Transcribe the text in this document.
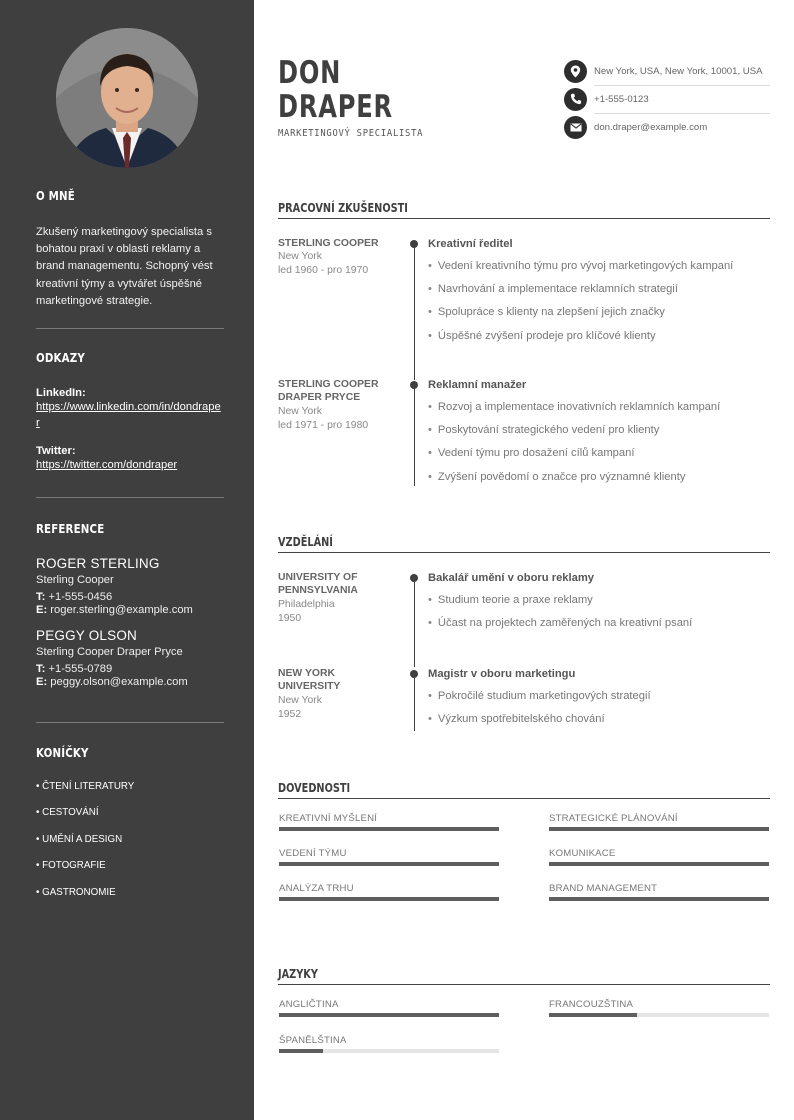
O MNĚ
Zkušený marketingový specialista s bohatou praxí v oblasti reklamy a brand managementu. Schopný vést kreativní týmy a vytvářet úspěšné marketingové strategie.
ODKAZY
LinkedIn:
https://www.linkedin.com/in/dondraper
Twitter:
https://twitter.com/dondraper
REFERENCE
ROGER STERLING
Sterling Cooper
T: +1-555-0456
E: roger.sterling@example.com
PEGGY OLSON
Sterling Cooper Draper Pryce
T: +1-555-0789
E: peggy.olson@example.com
KONÍČKY
• ČTENÍ LITERATURY
• CESTOVÁNÍ
• UMĚNÍ A DESIGN
• FOTOGRAFIE
• GASTRONOMIE
DON
DRAPER
MARKETINGOVÝ SPECIALISTA
New York, USA, New York, 10001, USA
+1-555-0123
don.draper@example.com
PRACOVNÍ ZKUŠENOSTI
STERLING COOPER
New York
led 1960 - pro 1970
Kreativní ředitel
• Vedení kreativního týmu pro vývoj marketingových kampaní
• Navrhování a implementace reklamních strategií
• Spolupráce s klienty na zlepšení jejich značky
• Úspěšné zvýšení prodeje pro klíčové klienty
STERLING COOPER
DRAPER PRYCE
New York
led 1971 - pro 1980
Reklamní manažer
• Rozvoj a implementace inovativních reklamních kampaní
• Poskytování strategického vedení pro klienty
• Vedení týmu pro dosažení cílů kampaní
• Zvýšení povědomí o značce pro významné klienty
VZDĚLÁNÍ
UNIVERSITY OF
PENNSYLVANIA
Philadelphia
1950
Bakalář umění v oboru reklamy
• Studium teorie a praxe reklamy
• Účast na projektech zaměřených na kreativní psaní
NEW YORK
UNIVERSITY
New York
1952
Magistr v oboru marketingu
• Pokročilé studium marketingových strategií
• Výzkum spotřebitelského chování
DOVEDNOSTI
KREATIVNÍ MYŠLENÍ	STRATEGICKÉ PLÁNOVÁNÍ
VEDENÍ TÝMU	KOMUNIKACE
ANALÝZA TRHU	BRAND MANAGEMENT
JAZYKY
ANGLIČTINA	FRANCOUZŠTINA
ŠPANĚLŠTINA
